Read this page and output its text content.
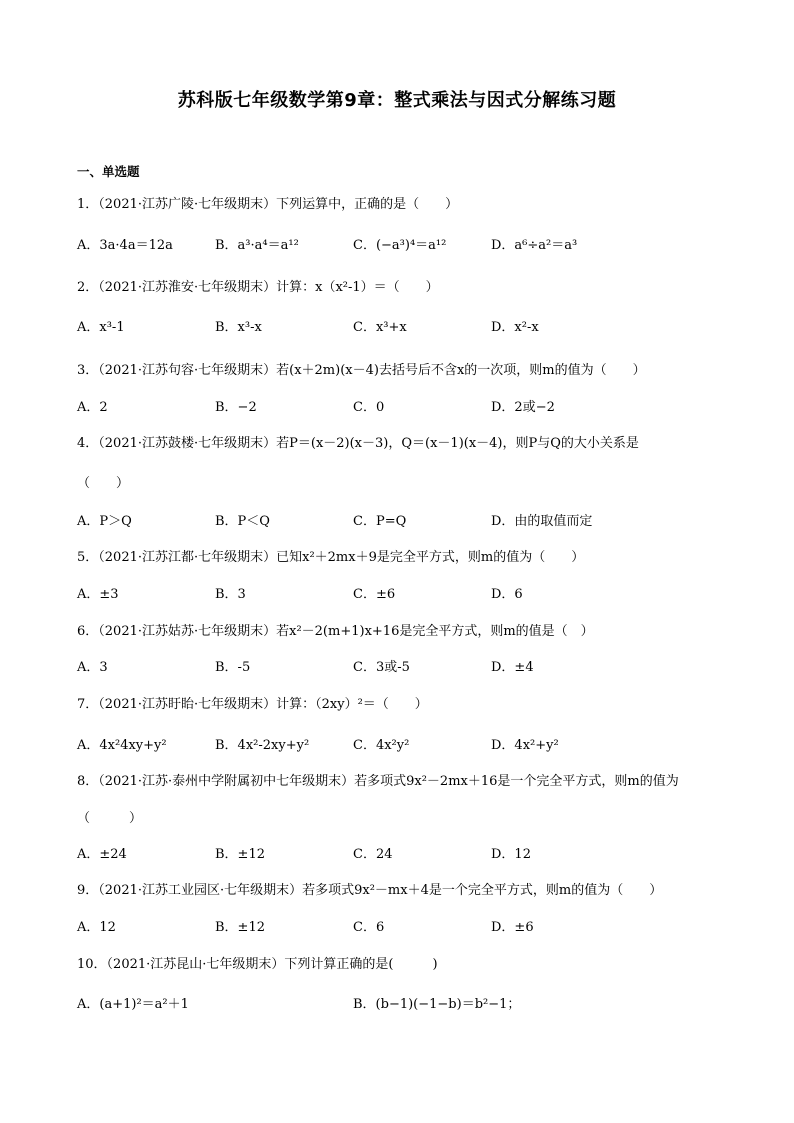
苏科版七年级数学第9章：整式乘法与因式分解练习题
一、单选题
1．（2021·江苏广陵·七年级期末）下列运算中，正确的是（　　）
A．3a·4a＝12a	B．a³·a⁴＝a¹²	C．(−a³)⁴＝a¹²	D．a⁶÷a²＝a³
2．（2021·江苏淮安·七年级期末）计算：x（x²-1）＝（　　）
A．x³-1	B．x³-x	C．x³+x	D．x²-x
3．（2021·江苏句容·七年级期末）若(x＋2m)(x－4)去括号后不含x的一次项，则m的值为（　　）
A．2	B．−2	C．0	D．2或−2
4．（2021·江苏鼓楼·七年级期末）若P＝(x－2)(x－3)，Q＝(x－1)(x－4)，则P与Q的大小关系是
（　　）
A．P＞Q	B．P＜Q	C．P=Q	D．由的取值而定
5．（2021·江苏江都·七年级期末）已知x²＋2mx＋9是完全平方式，则m的值为（　　）
A．±3	B．3	C．±6	D．6
6．（2021·江苏姑苏·七年级期末）若x²－2(m+1)x+16是完全平方式，则m的值是（　）
A．3	B．-5	C．3或-5	D．±4
7．（2021·江苏盱眙·七年级期末）计算：（2xy）²＝（　　）
A．4x²4xy+y²	B．4x²-2xy+y²	C．4x²y²	D．4x²+y²
8．（2021·江苏·泰州中学附属初中七年级期末）若多项式9x²－2mx＋16是一个完全平方式，则m的值为
（　　　）
A．±24	B．±12	C．24	D．12
9．（2021·江苏工业园区·七年级期末）若多项式9x²－mx＋4是一个完全平方式，则m的值为（　　）
A．12	B．±12	C．6	D．±6
10．（2021·江苏昆山·七年级期末）下列计算正确的是(　　　)
A．(a+1)²＝a²＋1	B．(b−1)(−1−b)＝b²−1；
